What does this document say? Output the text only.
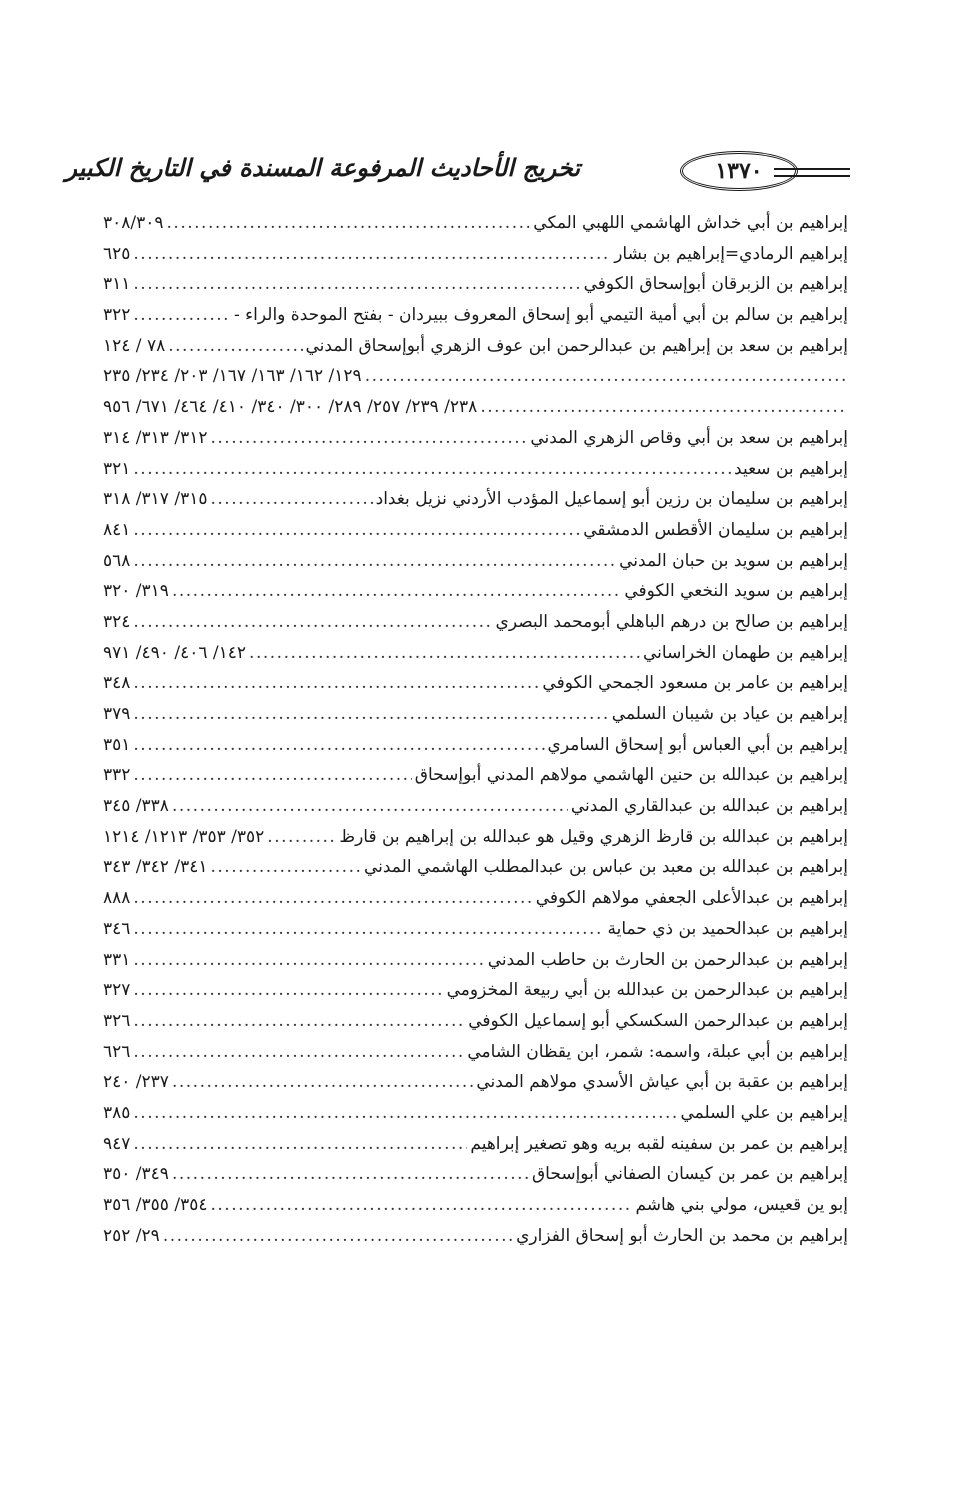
١٣٧٠
تخريج الأحاديث المرفوعة المسندة في التاريخ الكبير
إبراهيم بن أبي خداش الهاشمي اللهبي المكي
.....
٣٠٨/٣٠٩
إبراهيم الرمادي=إبراهيم بن بشار
.....
٦٢٥
إبراهيم بن الزبرقان أبوإسحاق الكوفي
.....
٣١١
إبراهيم بن سالم بن أبي أمية التيمي أبو إسحاق المعروف ببيردان - بفتح الموحدة والراء -
.....
٣٢٢
إبراهيم بن سعد بن إبراهيم بن عبدالرحمن ابن عوف الزهري أبوإسحاق المدني
.....
٧٨ / ١٢٤
.....
١٢٩/ ١٦٢/ ١٦٣/ ١٦٧/ ٢٠٣/ ٢٣٤/ ٢٣٥
.....
٢٣٨/ ٢٣٩/ ٢٥٧/ ٢٨٩/ ٣٠٠/ ٣٤٠/ ٤١٠/ ٤٦٤/ ٦٧١/ ٩٥٦
إبراهيم بن سعد بن أبي وقاص الزهري المدني
.....
٣١٢/ ٣١٣/ ٣١٤
إبراهيم بن سعيد
.....
٣٢١
إبراهيم بن سليمان بن رزين أبو إسماعيل المؤدب الأردني نزيل بغداد
.....
٣١٥/ ٣١٧/ ٣١٨
إبراهيم بن سليمان الأقطس الدمشقي
.....
٨٤١
إبراهيم بن سويد بن حبان المدني
.....
٥٦٨
إبراهيم بن سويد النخعي الكوفي
.....
٣١٩/ ٣٢٠
إبراهيم بن صالح بن درهم الباهلي أبومحمد البصري
.....
٣٢٤
إبراهيم بن طهمان الخراساني
.....
١٤٢/ ٤٠٦/ ٤٩٠/ ٩٧١
إبراهيم بن عامر بن مسعود الجمحي الكوفي
.....
٣٤٨
إبراهيم بن عياد بن شيبان السلمي
.....
٣٧٩
إبراهيم بن أبي العباس أبو إسحاق السامري
.....
٣٥١
إبراهيم بن عبدالله بن حنين الهاشمي مولاهم المدني أبوإسحاق
.....
٣٣٢
إبراهيم بن عبدالله بن عبدالقاري المدني
.....
٣٣٨/ ٣٤٥
إبراهيم بن عبدالله بن قارظ الزهري وقيل هو عبدالله بن إبراهيم بن قارظ
.....
٣٥٢/ ٣٥٣/ ١٢١٣/ ١٢١٤
إبراهيم بن عبدالله بن معبد بن عباس بن عبدالمطلب الهاشمي المدني
.....
٣٤١/ ٣٤٢/ ٣٤٣
إبراهيم بن عبدالأعلى الجعفي مولاهم الكوفي
.....
٨٨٨
إبراهيم بن عبدالحميد بن ذي حماية
.....
٣٤٦
إبراهيم بن عبدالرحمن بن الحارث بن حاطب المدني
.....
٣٣١
إبراهيم بن عبدالرحمن بن عبدالله بن أبي ربيعة المخزومي
.....
٣٢٧
إبراهيم بن عبدالرحمن السكسكي أبو إسماعيل الكوفي
.....
٣٢٦
إبراهيم بن أبي عبلة، واسمه: شمر، ابن يقظان الشامي
.....
٦٢٦
إبراهيم بن عقبة بن أبي عياش الأسدي مولاهم المدني
.....
٢٣٧/ ٢٤٠
إبراهيم بن علي السلمي
.....
٣٨٥
إبراهيم بن عمر بن سفينه لقبه بريه وهو تصغير إبراهيم
.....
٩٤٧
إبراهيم بن عمر بن كيسان الصفاني أبوإسحاق
.....
٣٤٩/ ٣٥٠
إبو ين قعيس، مولي بني هاشم
.....
٣٥٤/ ٣٥٥/ ٣٥٦
إبراهيم بن محمد بن الحارث أبو إسحاق الفزاري
.....
٢٩/ ٢٥٢
